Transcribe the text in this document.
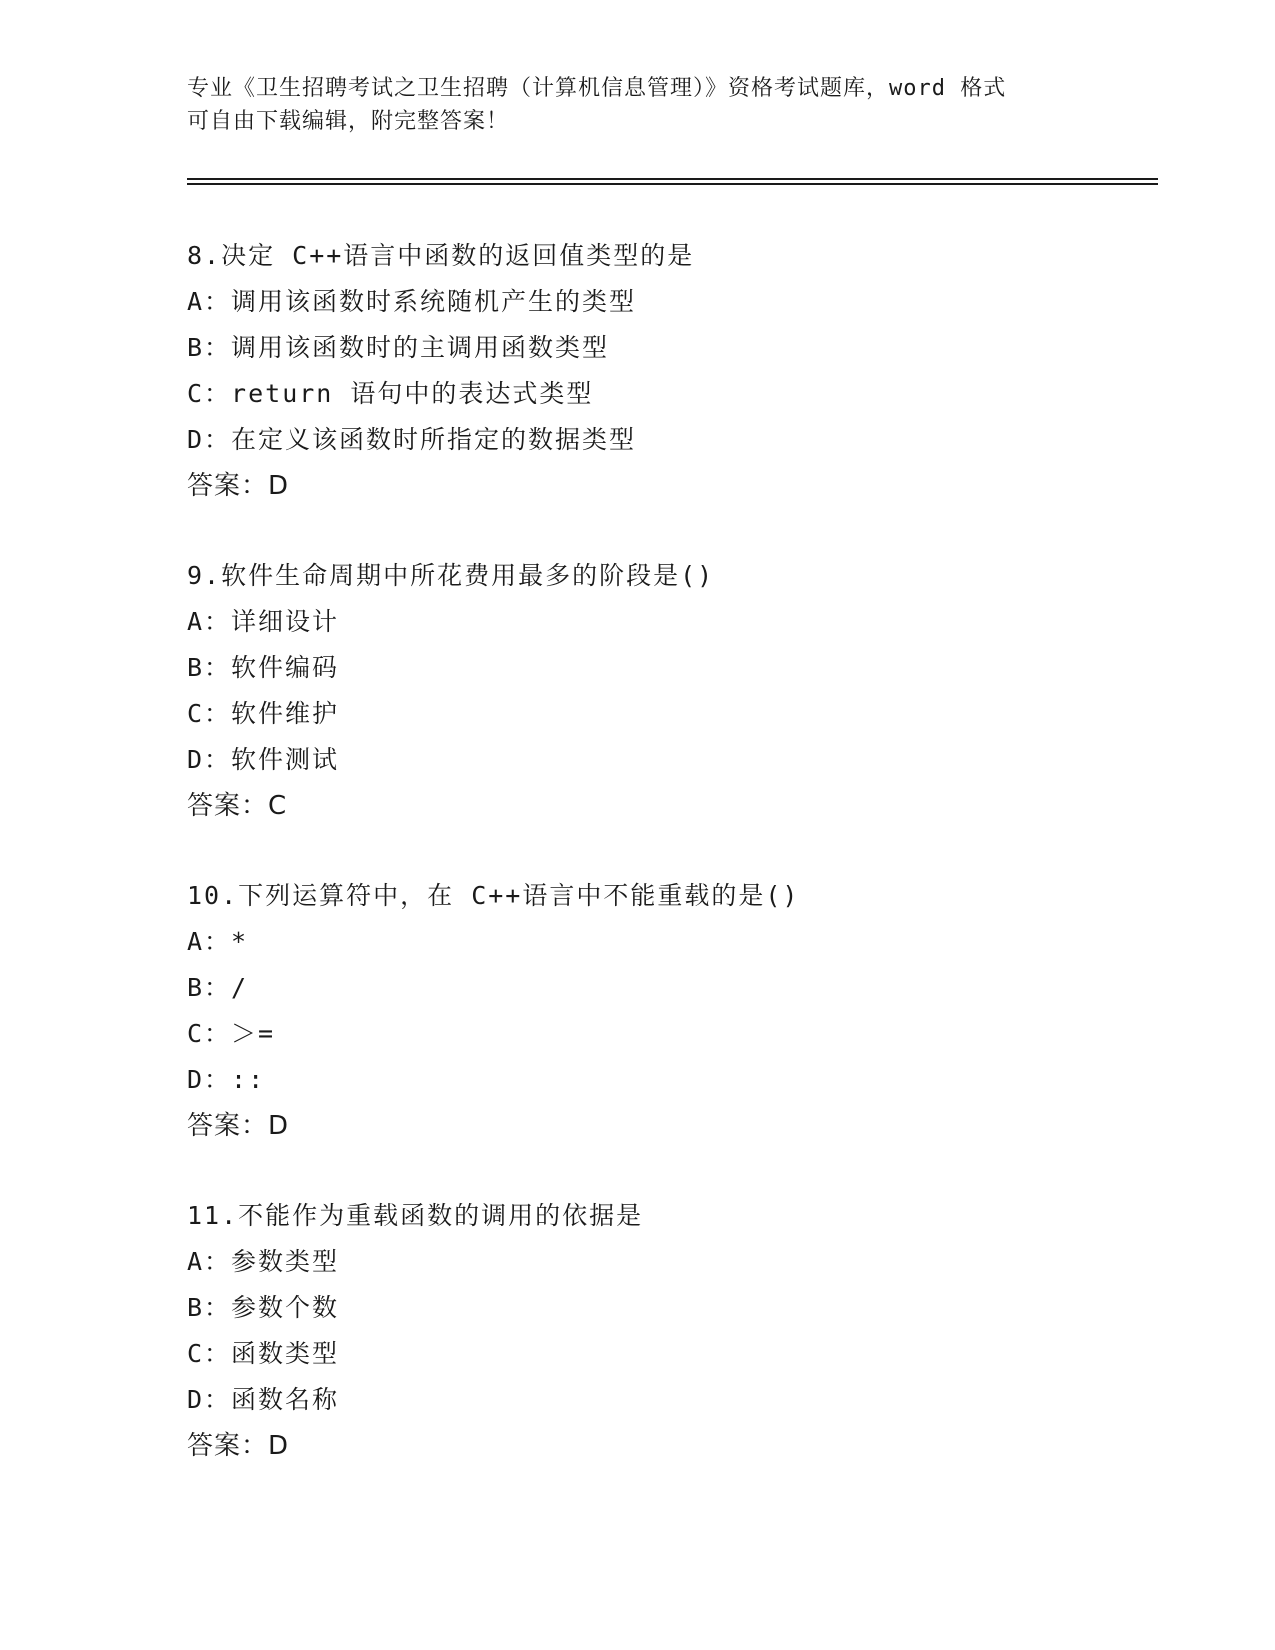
专业《卫生招聘考试之卫生招聘（计算机信息管理）》资格考试题库，word 格式
可自由下载编辑，附完整答案！
8.决定 C++语言中函数的返回值类型的是
A：调用该函数时系统随机产生的类型
B：调用该函数时的主调用函数类型
C：return 语句中的表达式类型
D：在定义该函数时所指定的数据类型
答案：D
9.软件生命周期中所花费用最多的阶段是()
A：详细设计
B：软件编码
C：软件维护
D：软件测试
答案：C
10.下列运算符中，在 C++语言中不能重载的是()
A：*
B：/
C：＞=
D：::
答案：D
11.不能作为重载函数的调用的依据是
A：参数类型
B：参数个数
C：函数类型
D：函数名称
答案：D
